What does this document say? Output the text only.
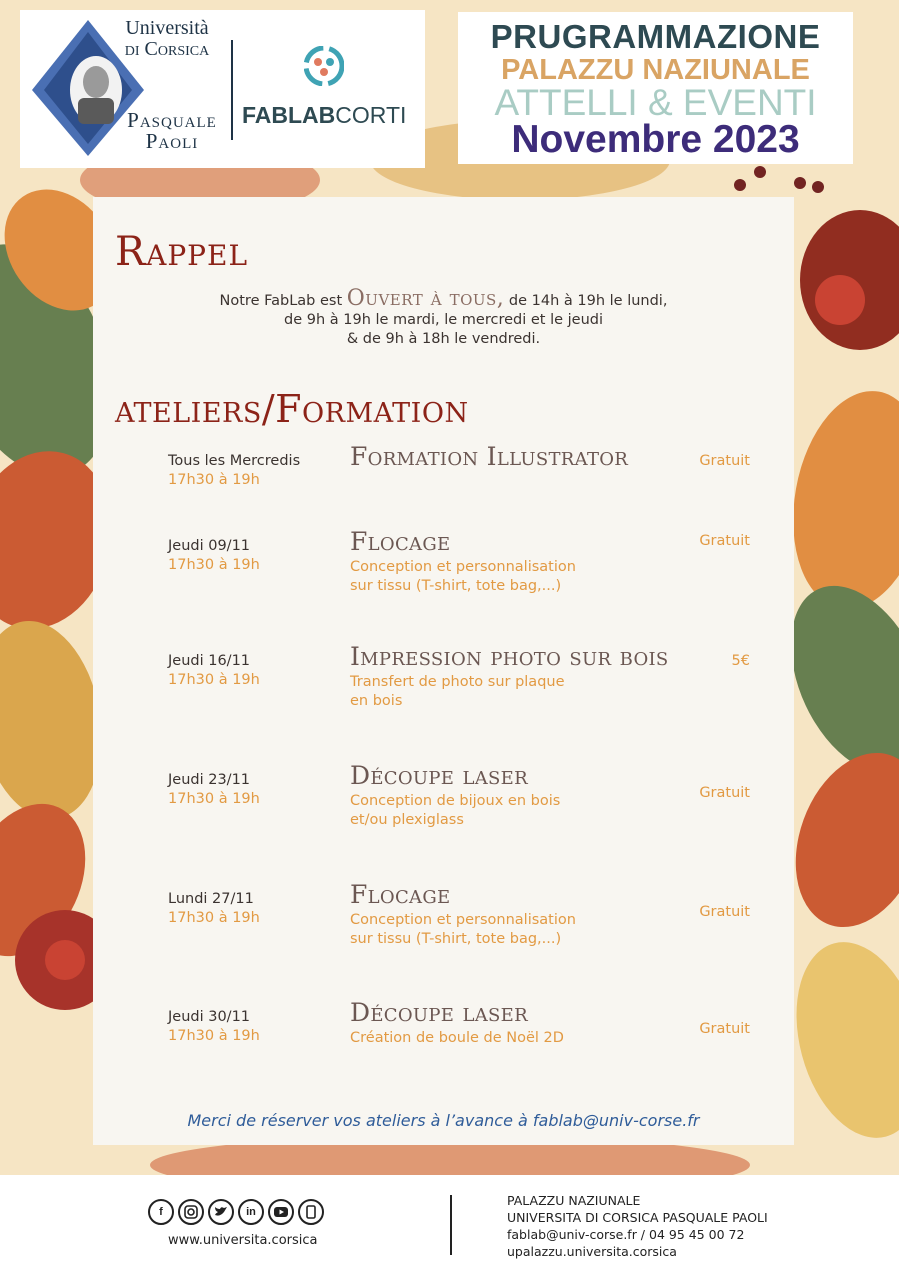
Università
di Corsica
Pasquale
Paoli
FABLABCORTI
PRUGRAMMAZIONE
PALAZZU NAZIUNALE
ATTELLI & EVENTI
Novembre 2023
Rappel
Notre FabLab est Ouvert à tous, de 14h à 19h le lundi,
de 9h à 19h le mardi, le mercredi et le jeudi
& de 9h à 18h le vendredi.
ateliers/Formation
Tous les Mercredis
17h30 à 19h
Formation Illustrator	Gratuit
Jeudi 09/11
17h30 à 19h
Flocage
Conception et personnalisation
sur tissu (T-shirt, tote bag,...)
Gratuit
Jeudi 16/11
17h30 à 19h
Impression photo sur bois
Transfert de photo sur plaque
en bois
5€
Jeudi 23/11
17h30 à 19h
Découpe laser
Conception de bijoux en bois
et/ou plexiglass
Gratuit
Lundi 27/11
17h30 à 19h
Flocage
Conception et personnalisation
sur tissu (T-shirt, tote bag,...)
Gratuit
Jeudi 30/11
17h30 à 19h
Découpe laser
Création de boule de Noël 2D
Gratuit
Merci de réserver vos ateliers à l’avance à fablab@univ-corse.fr
f	in
www.universita.corsica
PALAZZU NAZIUNALE
UNIVERSITA DI CORSICA PASQUALE PAOLI
fablab@univ-corse.fr / 04 95 45 00 72
upalazzu.universita.corsica
